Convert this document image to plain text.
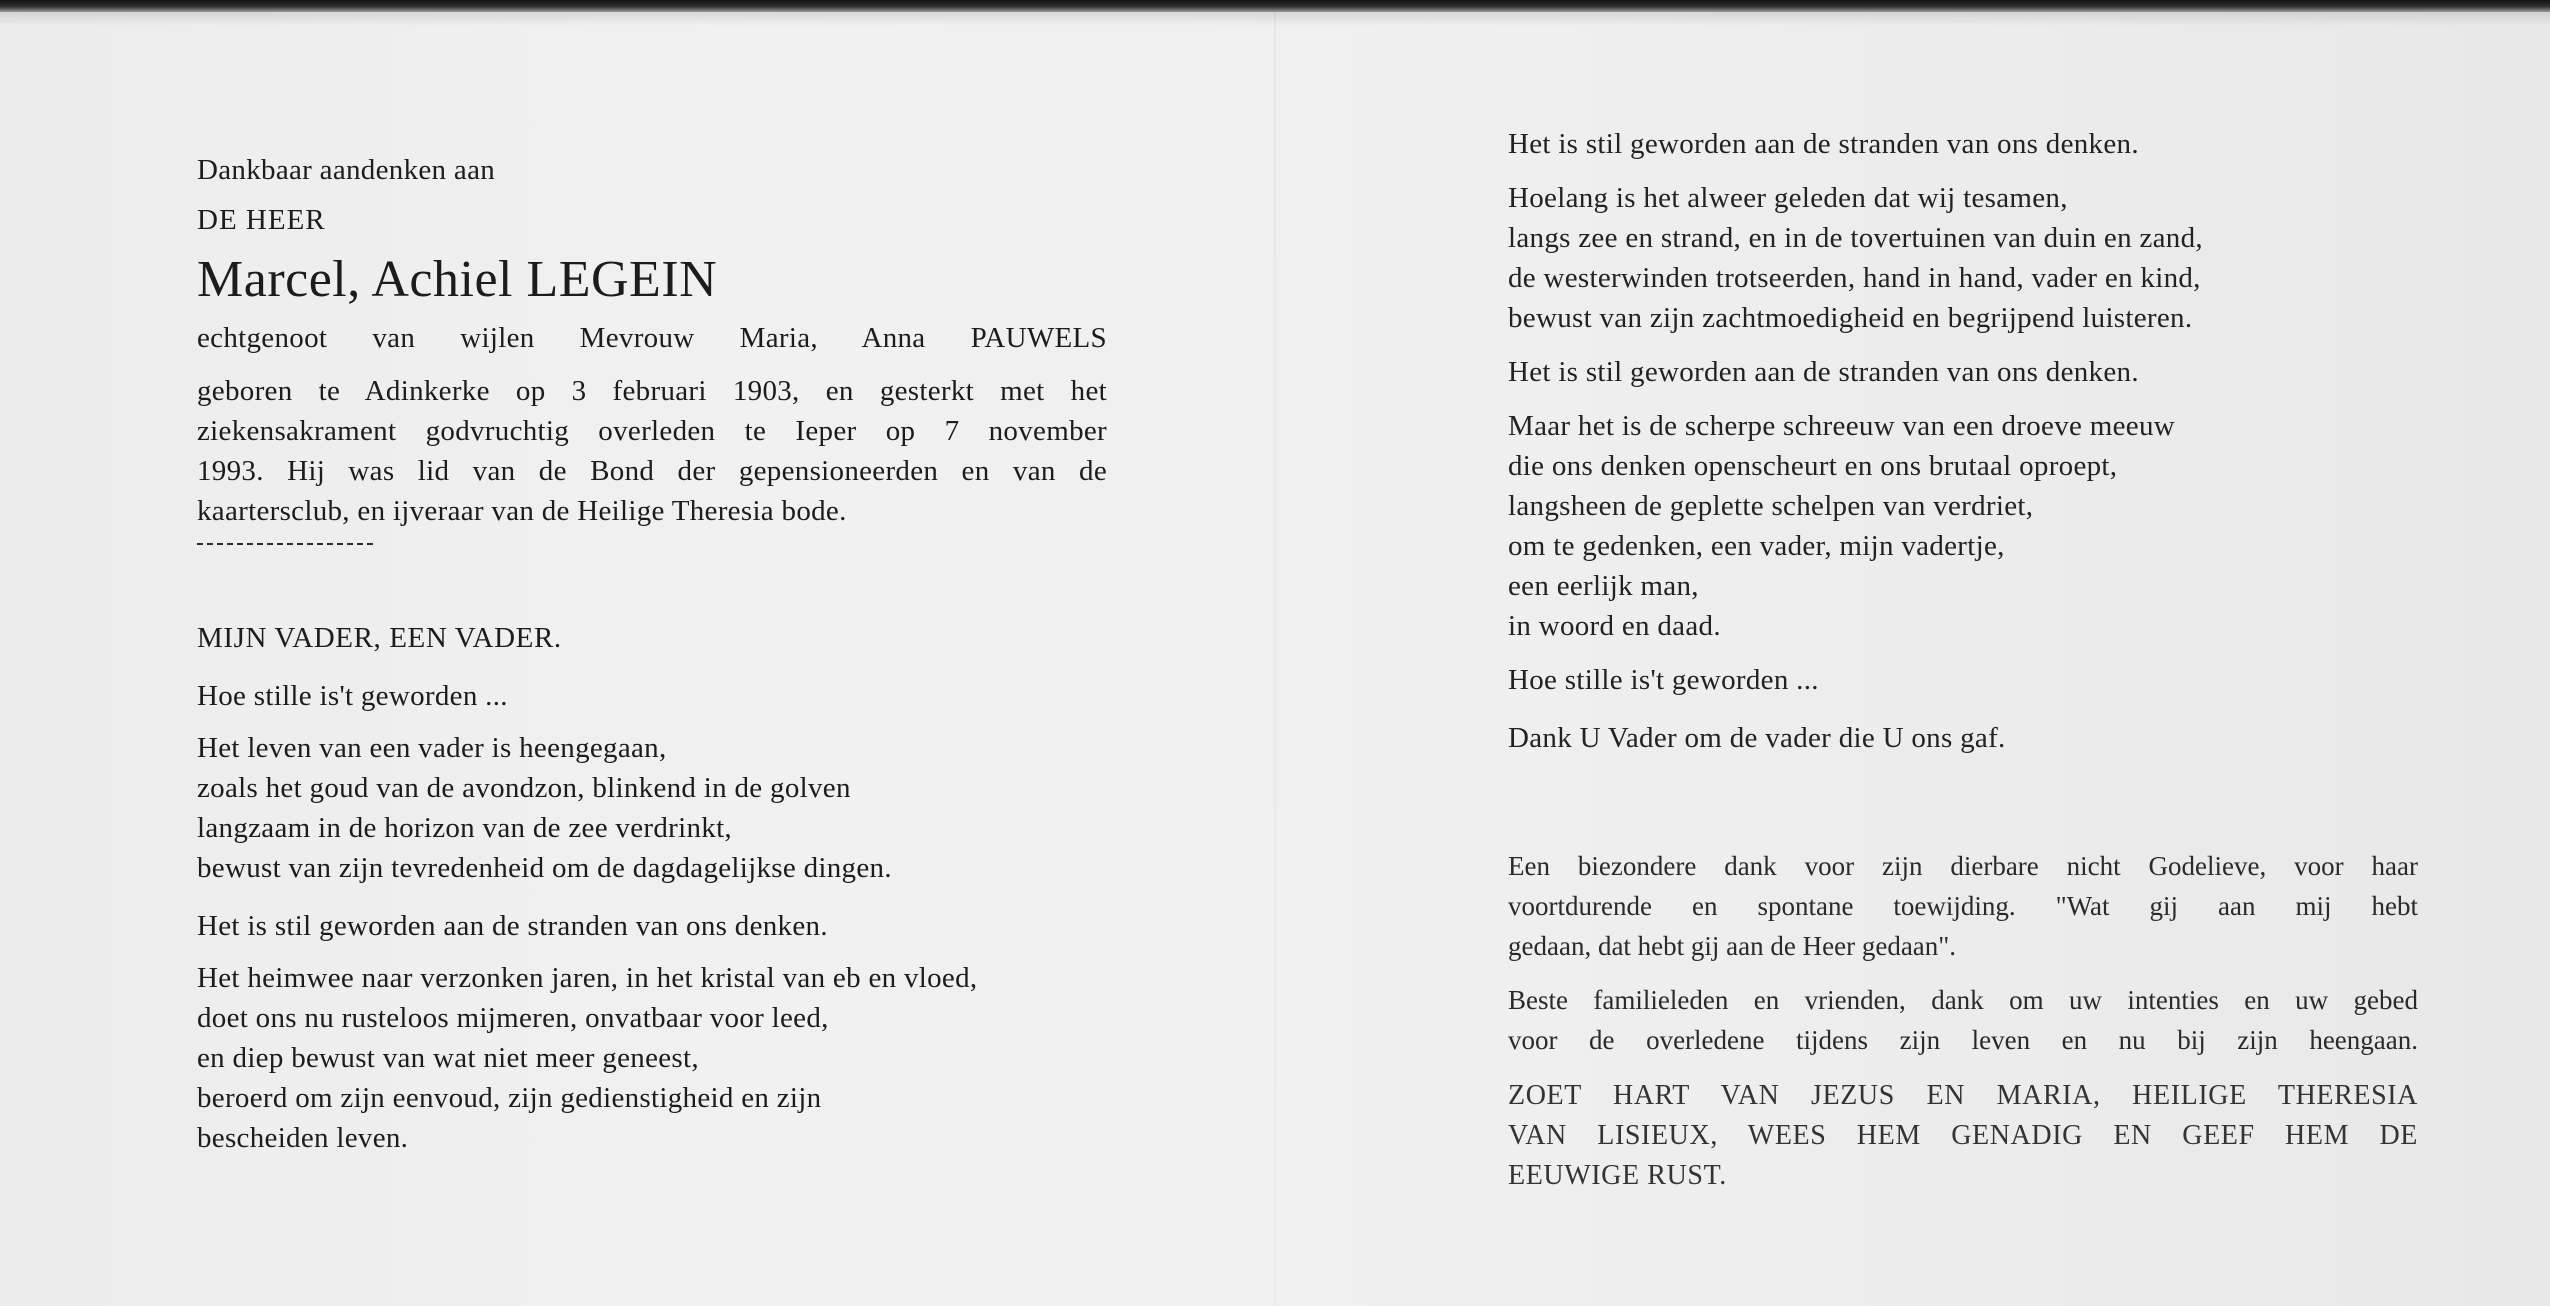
Dankbaar aandenken aan

DE HEER

Marcel, Achiel LEGEIN

echtgenoot van wijlen Mevrouw Maria, Anna PAUWELS

geboren te Adinkerke op 3 februari 1903, en gesterkt met het
ziekensakrament godvruchtig overleden te Ieper op 7 november
1993. Hij was lid van de Bond der gepensioneerden en van de
kaartersclub, en ijveraar van de Heilige Theresia bode.

MIJN VADER, EEN VADER.

Hoe stille is't geworden ...
Het leven van een vader is heengegaan,
zoals het goud van de avondzon, blinkend in de golven
langzaam in de horizon van de zee verdrinkt,
bewust van zijn tevredenheid om de dagdagelijkse dingen.
Het is stil geworden aan de stranden van ons denken.
Het heimwee naar verzonken jaren, in het kristal van eb en vloed,
doet ons nu rusteloos mijmeren, onvatbaar voor leed,
en diep bewust van wat niet meer geneest,
beroerd om zijn eenvoud, zijn gedienstigheid en zijn
bescheiden leven.
Het is stil geworden aan de stranden van ons denken.
Hoelang is het alweer geleden dat wij tesamen,
langs zee en strand, en in de tovertuinen van duin en zand,
de westerwinden trotseerden, hand in hand, vader en kind,
bewust van zijn zachtmoedigheid en begrijpend luisteren.
Het is stil geworden aan de stranden van ons denken.
Maar het is de scherpe schreeuw van een droeve meeuw
die ons denken openscheurt en ons brutaal oproept,
langsheen de geplette schelpen van verdriet,
om te gedenken, een vader, mijn vadertje,
een eerlijk man,
in woord en daad.
Hoe stille is't geworden ...
Dank U Vader om de vader die U ons gaf.
Een biezondere dank voor zijn dierbare nicht Godelieve, voor haar
voortdurende en spontane toewijding. "Wat gij aan mij hebt
gedaan, dat hebt gij aan de Heer gedaan".
Beste familieleden en vrienden, dank om uw intenties en uw gebed
voor de overledene tijdens zijn leven en nu bij zijn heengaan.
ZOET HART VAN JEZUS EN MARIA, HEILIGE THERESIA
VAN LISIEUX, WEES HEM GENADIG EN GEEF HEM DE
EEUWIGE RUST.
